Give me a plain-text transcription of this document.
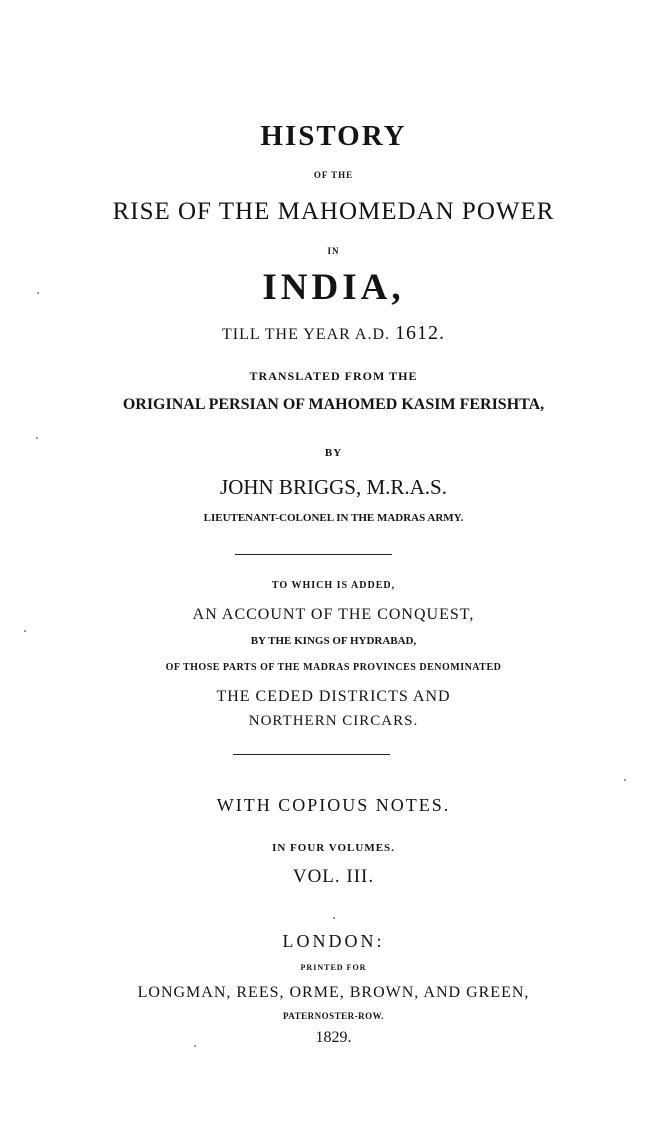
HISTORY
OF THE
RISE OF THE MAHOMEDAN POWER
IN
INDIA,
TILL THE YEAR A.D. 1612.
TRANSLATED FROM THE
ORIGINAL PERSIAN OF MAHOMED KASIM FERISHTA,
BY
JOHN BRIGGS, M.R.A.S.
LIEUTENANT-COLONEL IN THE MADRAS ARMY.
TO WHICH IS ADDED,
AN ACCOUNT OF THE CONQUEST,
BY THE KINGS OF HYDRABAD,
OF THOSE PARTS OF THE MADRAS PROVINCES DENOMINATED
THE CEDED DISTRICTS AND
NORTHERN CIRCARS.
WITH COPIOUS NOTES.
IN FOUR VOLUMES.
VOL. III.
LONDON:
PRINTED FOR
LONGMAN, REES, ORME, BROWN, AND GREEN,
PATERNOSTER-ROW.
1829.
